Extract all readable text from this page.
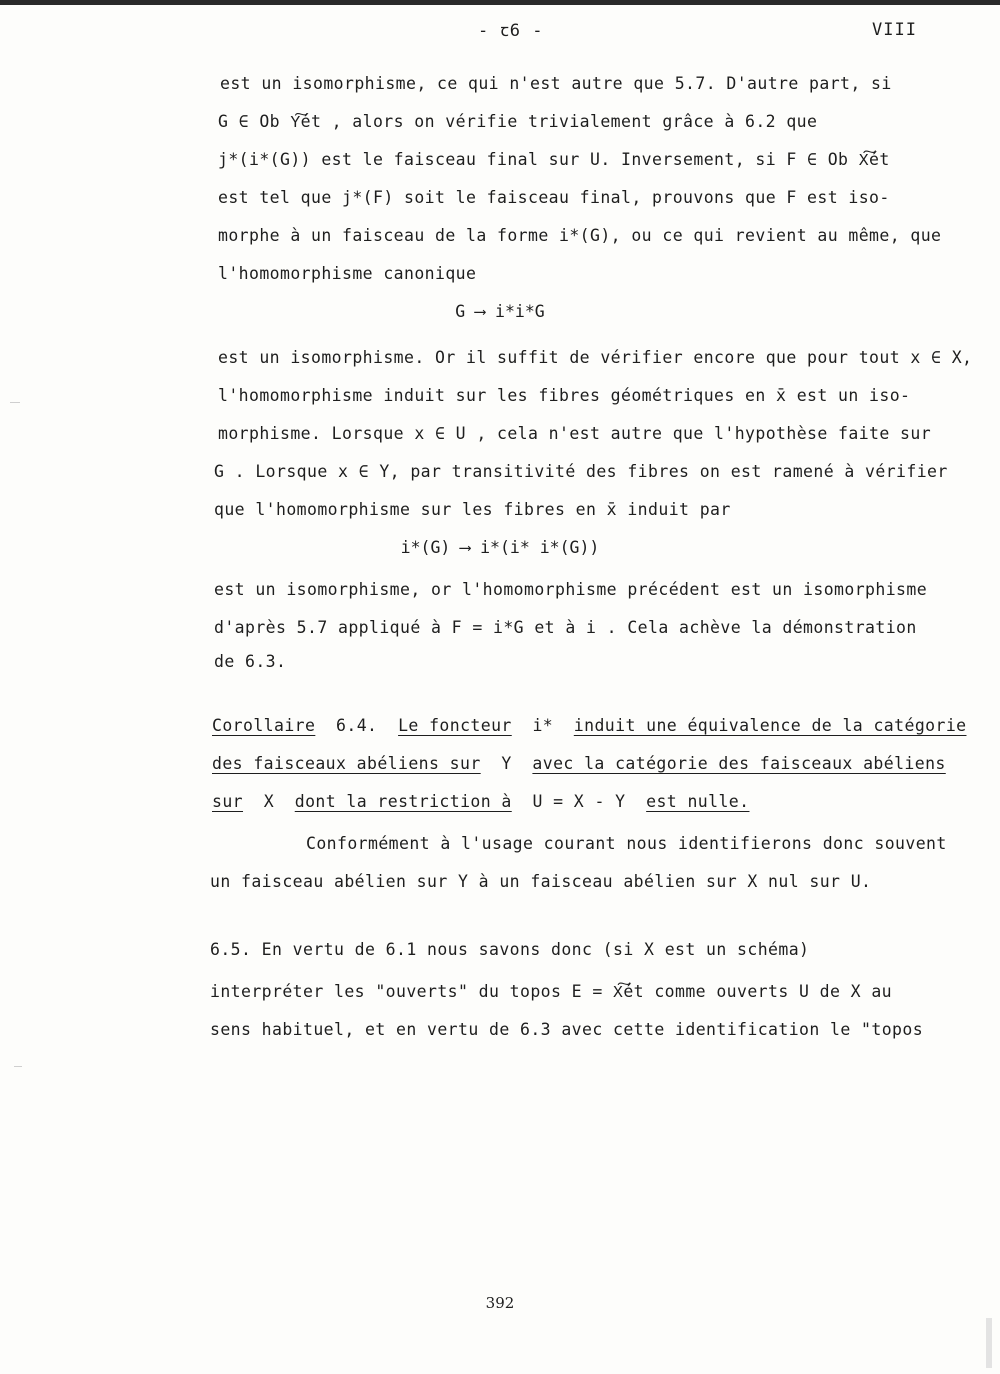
- ꞇ6 -	VIII
est un isomorphisme, ce qui n'est autre que 5.7. D'autre part, si
G ∈ Ob Y͠ét , alors on vérifie trivialement grâce à 6.2 que
j*(i*(G)) est le faisceau final sur U. Inversement, si F ∈ Ob X͠ét
est tel que j*(F) soit le faisceau final, prouvons que F est iso-
morphe à un faisceau de la forme i*(G), ou ce qui revient au même, que
l'homomorphisme canonique
G ⟶ i*i*G
est un isomorphisme. Or il suffit de vérifier encore que pour tout x ∈ X,
l'homomorphisme induit sur les fibres géométriques en x̄ est un iso-
morphisme. Lorsque x ∈ U , cela n'est autre que l'hypothèse faite sur
G . Lorsque x ∈ Y, par transitivité des fibres on est ramené à vérifier
que l'homomorphisme sur les fibres en x̄ induit par
i*(G) ⟶ i*(i* i*(G))
est un isomorphisme, or l'homomorphisme précédent est un isomorphisme
d'après 5.7 appliqué à F = i*G et à i . Cela achève la démonstration
de 6.3.
Corollaire 6.4. Le foncteur i* induit une équivalence de la catégorie
des faisceaux abéliens sur Y avec la catégorie des faisceaux abéliens
sur X dont la restriction à U = X - Y est nulle.
Conformément à l'usage courant nous identifierons donc souvent
un faisceau abélien sur Y à un faisceau abélien sur X nul sur U.
6.5. En vertu de 6.1 nous savons donc (si X est un schéma)
interpréter les "ouverts" du topos E = X͠ét comme ouverts U de X au
sens habituel, et en vertu de 6.3 avec cette identification le "topos
392
